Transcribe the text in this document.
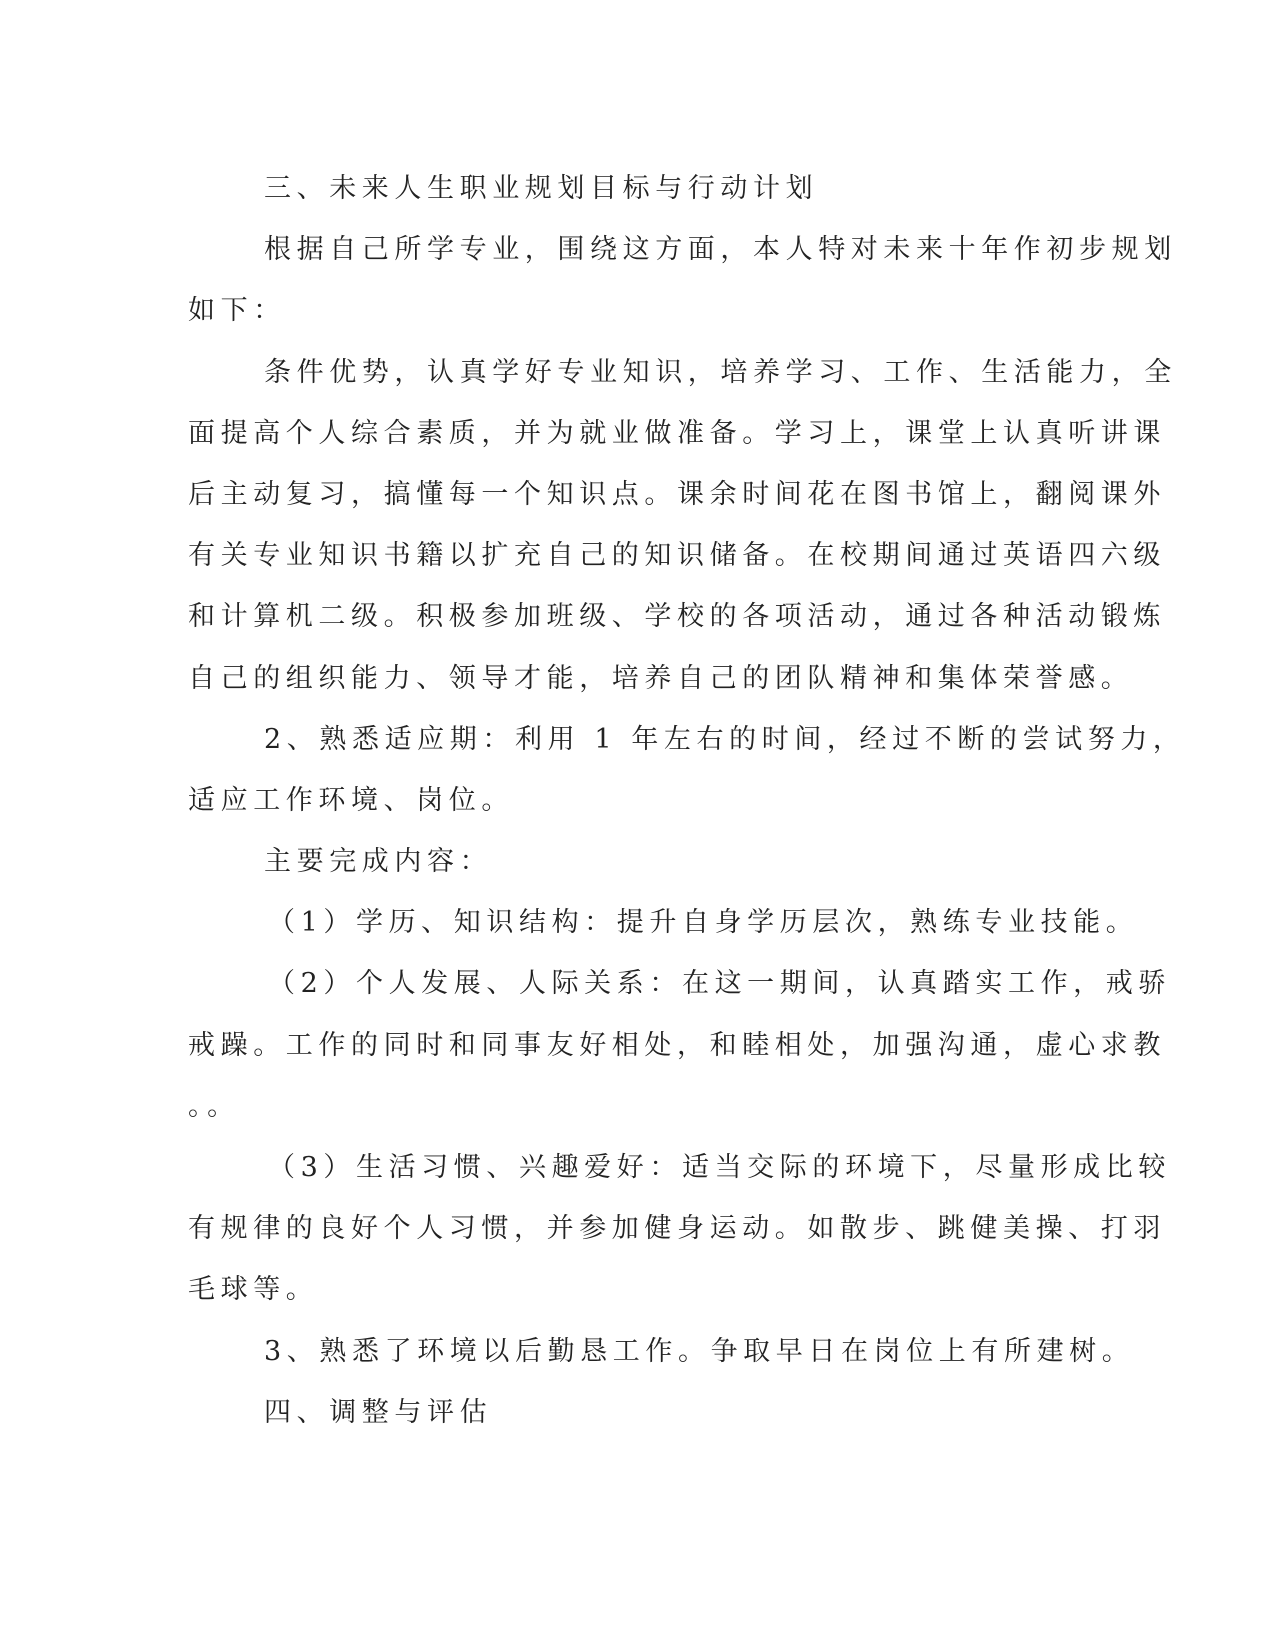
三、未来人生职业规划目标与行动计划
根据自己所学专业，围绕这方面，本人特对未来十年作初步规划
如下：
条件优势，认真学好专业知识，培养学习、工作、生活能力，全
面提高个人综合素质，并为就业做准备。学习上，课堂上认真听讲课
后主动复习，搞懂每一个知识点。课余时间花在图书馆上，翻阅课外
有关专业知识书籍以扩充自己的知识储备。在校期间通过英语四六级
和计算机二级。积极参加班级、学校的各项活动，通过各种活动锻炼
自己的组织能力、领导才能，培养自己的团队精神和集体荣誉感。
2、熟悉适应期：利用 1 年左右的时间，经过不断的尝试努力，
适应工作环境、岗位。
主要完成内容：
（1）学历、知识结构：提升自身学历层次，熟练专业技能。
（2）个人发展、人际关系：在这一期间，认真踏实工作，戒骄
戒躁。工作的同时和同事友好相处，和睦相处，加强沟通，虚心求教
。。
（3）生活习惯、兴趣爱好：适当交际的环境下，尽量形成比较
有规律的良好个人习惯，并参加健身运动。如散步、跳健美操、打羽
毛球等。
3、熟悉了环境以后勤恳工作。争取早日在岗位上有所建树。
四、调整与评估
